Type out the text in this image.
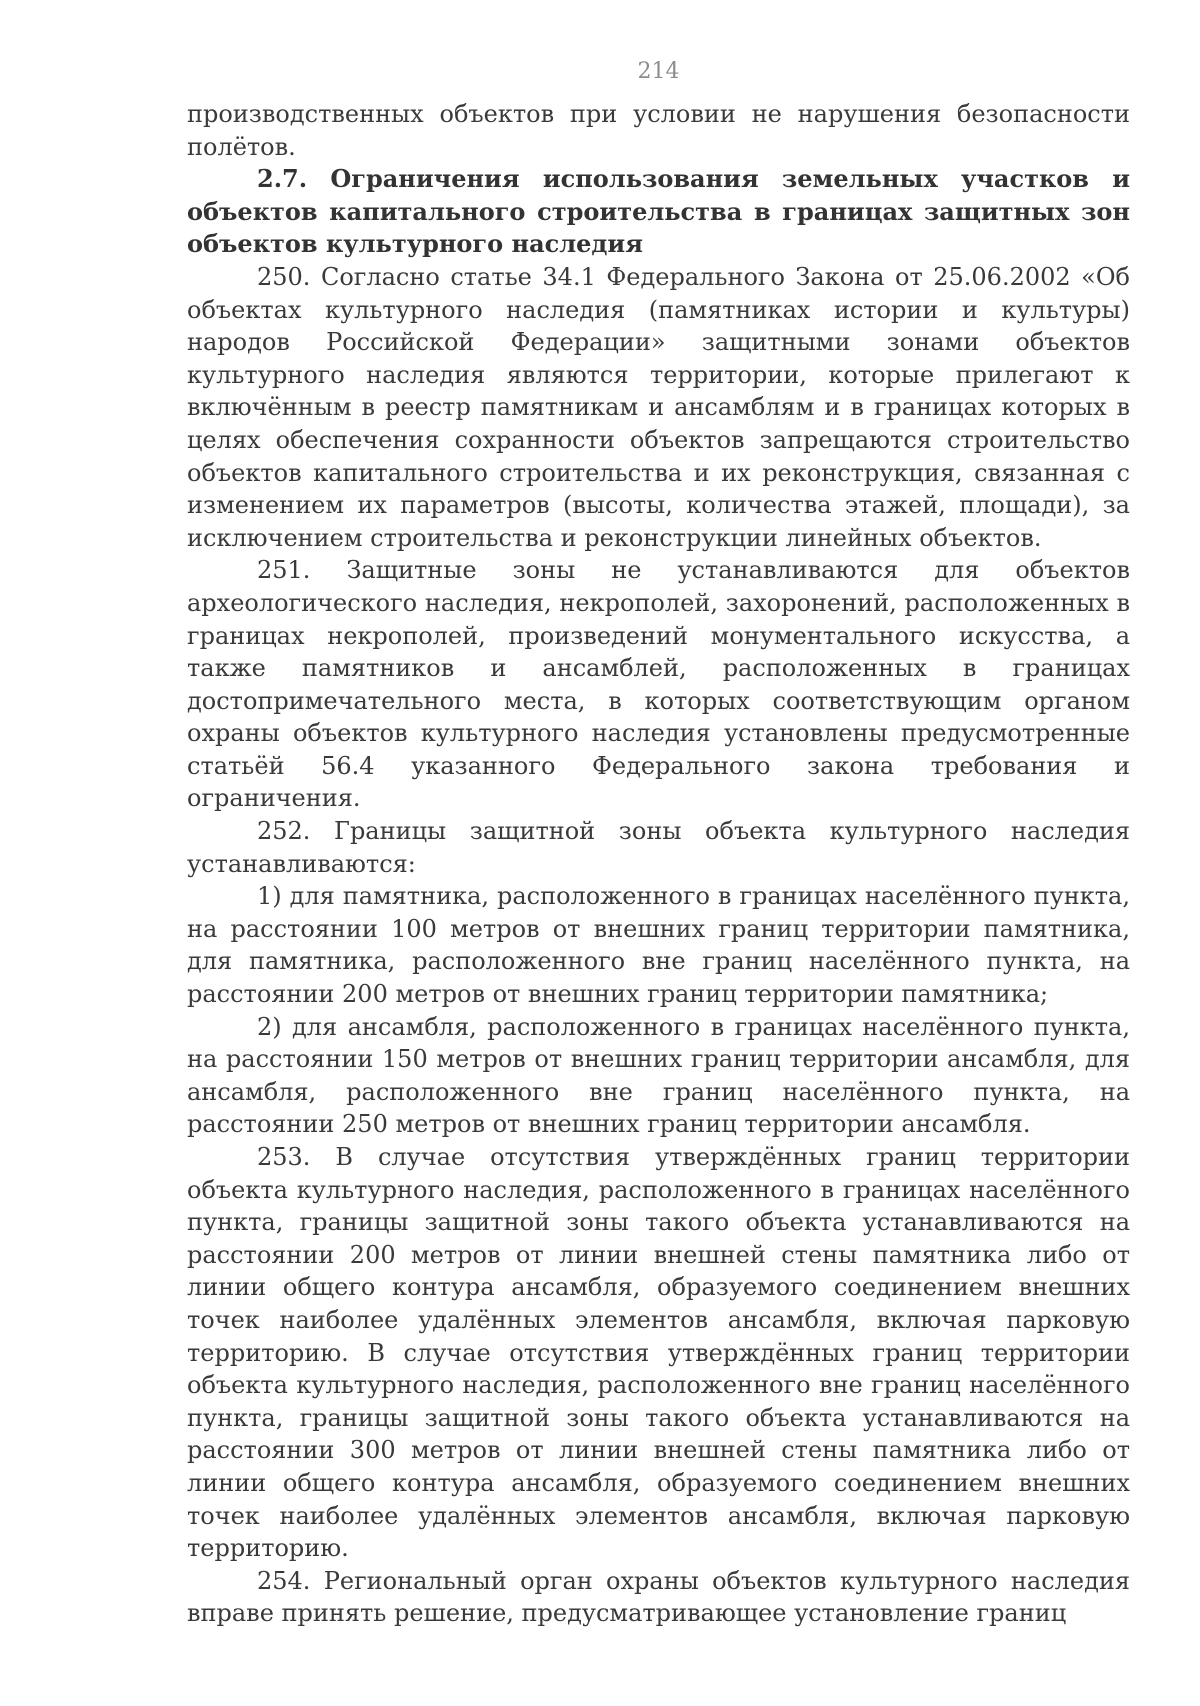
214

производственных объектов при условии не нарушения безопасности полётов.

2.7. Ограничения использования земельных участков и объектов капитального строительства в границах защитных зон объектов культурного наследия

250. Согласно статье 34.1 Федерального Закона от 25.06.2002 «Об объектах культурного наследия (памятниках истории и культуры) народов Российской Федерации» защитными зонами объектов культурного наследия являются территории, которые прилегают к включённым в реестр памятникам и ансамблям и в границах которых в целях обеспечения сохранности объектов запрещаются строительство объектов капитального строительства и их реконструкция, связанная с изменением их параметров (высоты, количества этажей, площади), за исключением строительства и реконструкции линейных объектов.

251. Защитные зоны не устанавливаются для объектов археологического наследия, некрополей, захоронений, расположенных в границах некрополей, произведений монументального искусства, а также памятников и ансамблей, расположенных в границах достопримечательного места, в которых соответствующим органом охраны объектов культурного наследия установлены предусмотренные статьёй 56.4 указанного Федерального закона требования и ограничения.

252. Границы защитной зоны объекта культурного наследия устанавливаются:

1) для памятника, расположенного в границах населённого пункта, на расстоянии 100 метров от внешних границ территории памятника, для памятника, расположенного вне границ населённого пункта, на расстоянии 200 метров от внешних границ территории памятника;

2) для ансамбля, расположенного в границах населённого пункта, на расстоянии 150 метров от внешних границ территории ансамбля, для ансамбля, расположенного вне границ населённого пункта, на расстоянии 250 метров от внешних границ территории ансамбля.

253. В случае отсутствия утверждённых границ территории объекта культурного наследия, расположенного в границах населённого пункта, границы защитной зоны такого объекта устанавливаются на расстоянии 200 метров от линии внешней стены памятника либо от линии общего контура ансамбля, образуемого соединением внешних точек наиболее удалённых элементов ансамбля, включая парковую территорию. В случае отсутствия утверждённых границ территории объекта культурного наследия, расположенного вне границ населённого пункта, границы защитной зоны такого объекта устанавливаются на расстоянии 300 метров от линии внешней стены памятника либо от линии общего контура ансамбля, образуемого соединением внешних точек наиболее удалённых элементов ансамбля, включая парковую территорию.

254. Региональный орган охраны объектов культурного наследия вправе принять решение, предусматривающее установление границ
